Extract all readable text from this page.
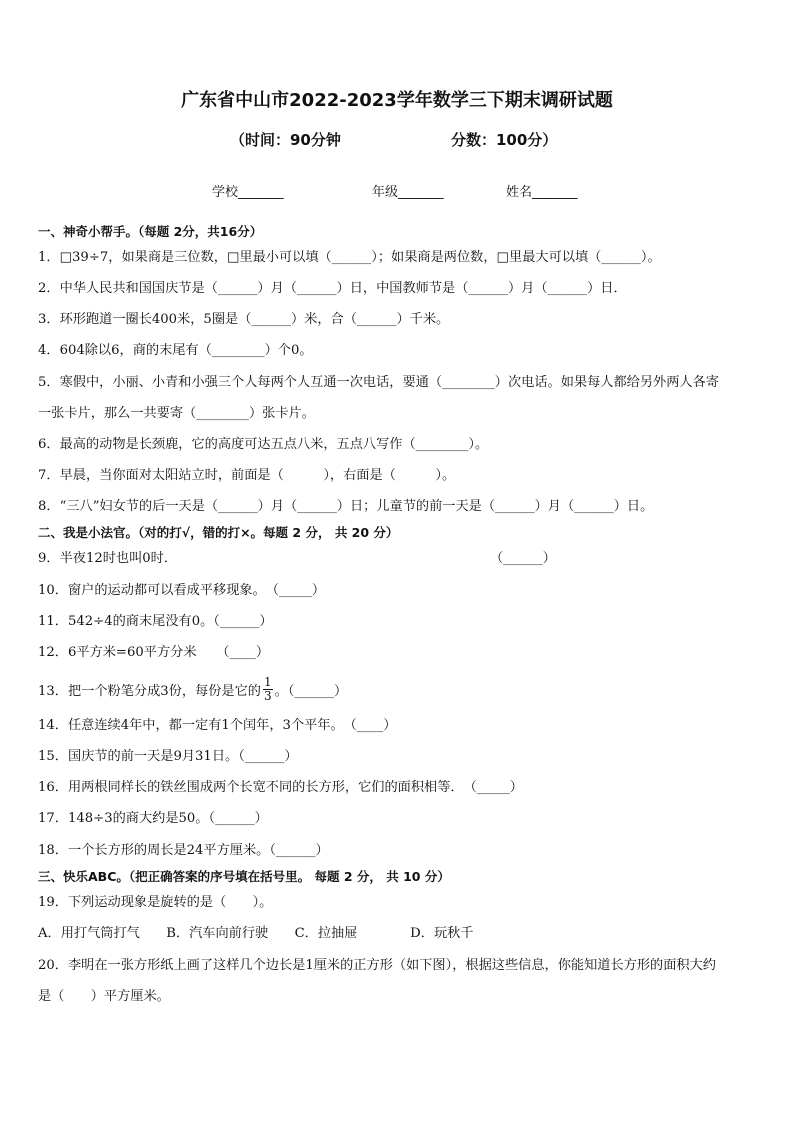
广东省中山市2022-2023学年数学三下期末调研试题
（时间：90分钟	分数：100分）
学校_______	年级_______	姓名_______
一、神奇小帮手。（每题 2分，共16分）
1．□39÷7，如果商是三位数，□里最小可以填（______）；如果商是两位数，□里最大可以填（______）。
2．中华人民共和国国庆节是（______）月（______）日，中国教师节是（______）月（______）日．
3．环形跑道一圈长400米，5圈是（______）米，合（______）千米。
4．604除以6，商的末尾有（________）个0。
5．寒假中，小丽、小青和小强三个人每两个人互通一次电话，要通（________）次电话。如果每人都给另外两人各寄
一张卡片，那么一共要寄（________）张卡片。
6．最高的动物是长颈鹿，它的高度可达五点八米，五点八写作（________）。
7．早晨，当你面对太阳站立时，前面是（　　　），右面是（　　　）。
8．“三八”妇女节的后一天是（______）月（______）日；儿童节的前一天是（______）月（______）日。
二、我是小法官。（对的打√，错的打×。每题 2 分， 共 20 分）
9．半夜12时也叫0时．	（______）
10．窗户的运动都可以看成平移现象。　（_____）
11．542÷4的商末尾没有0。（______）
12．6平方米=60平方分米　　（____）
13．把一个粉笔分成3份，每份是它的 $\frac{1}{3}$ 。（______）
14．任意连续4年中，都一定有1个闰年，3个平年。　（____）
15．国庆节的前一天是9月31日。（______）
16．用两根同样长的铁丝围成两个长宽不同的长方形，它们的面积相等．　（_____）
17．148÷3的商大约是50。（______）
18．一个长方形的周长是24平方厘米。（______）
三、快乐ABC。（把正确答案的序号填在括号里。 每题 2 分， 共 10 分）
19．下列运动现象是旋转的是（　　）。
A．用打气筒打气　　B．汽车向前行驶　　C．拉抽屉　　　　D．玩秋千
20．李明在一张方形纸上画了这样几个边长是1厘米的正方形（如下图），根据这些信息，你能知道长方形的面积大约
是（　　）平方厘米。
